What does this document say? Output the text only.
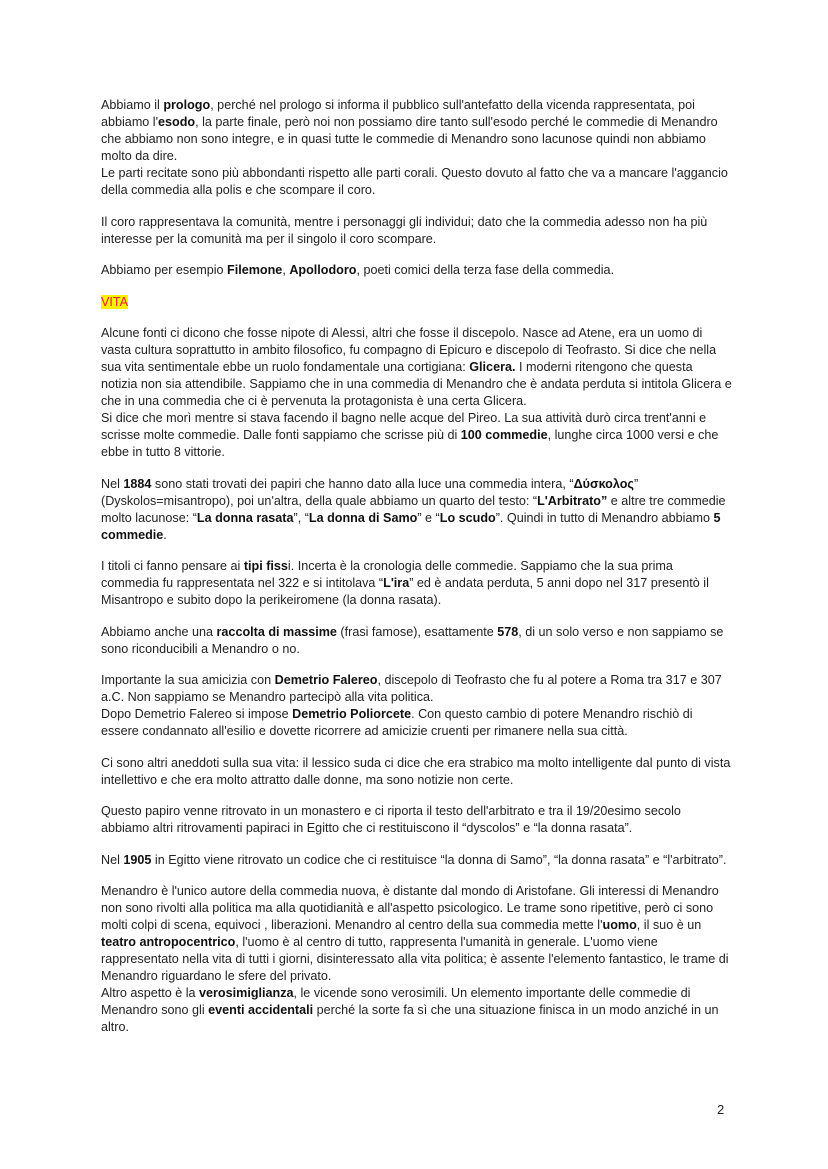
Abbiamo il prologo, perché nel prologo si informa il pubblico sull'antefatto della vicenda rappresentata, poi
abbiamo l'esodo, la parte finale, però noi non possiamo dire tanto sull'esodo perché le commedie di Menandro
che abbiamo non sono integre, e in quasi tutte le commedie di Menandro sono lacunose quindi non abbiamo
molto da dire.
Le parti recitate sono più abbondanti rispetto alle parti corali. Questo dovuto al fatto che va a mancare l'aggancio
della commedia alla polis e che scompare il coro.
Il coro rappresentava la comunità, mentre i personaggi gli individui; dato che la commedia adesso non ha più
interesse per la comunità ma per il singolo il coro scompare.
Abbiamo per esempio Filemone, Apollodoro, poeti comici della terza fase della commedia.
VITA
Alcune fonti ci dicono che fosse nipote di Alessi, altri che fosse il discepolo. Nasce ad Atene, era un uomo di
vasta cultura soprattutto in ambito filosofico, fu compagno di Epicuro e discepolo di Teofrasto. Si dice che nella
sua vita sentimentale ebbe un ruolo fondamentale una cortigiana: Glicera. I moderni ritengono che questa
notizia non sia attendibile. Sappiamo che in una commedia di Menandro che è andata perduta si intitola Glicera e
che in una commedia che ci è pervenuta la protagonista è una certa Glicera.
Si dice che morì mentre si stava facendo il bagno nelle acque del Pireo. La sua attività durò circa trent'anni e
scrisse molte commedie. Dalle fonti sappiamo che scrisse più di 100 commedie, lunghe circa 1000 versi e che
ebbe in tutto 8 vittorie.
Nel 1884 sono stati trovati dei papiri che hanno dato alla luce una commedia intera, “Δύσκολος”
(Dyskolos=misantropo), poi un'altra, della quale abbiamo un quarto del testo: “L'Arbitrato” e altre tre commedie
molto lacunose: “La donna rasata”, “La donna di Samo” e “Lo scudo”. Quindi in tutto di Menandro abbiamo 5
commedie.
I titoli ci fanno pensare ai tipi fissi. Incerta è la cronologia delle commedie. Sappiamo che la sua prima
commedia fu rappresentata nel 322 e si intitolava “L'ira” ed è andata perduta, 5 anni dopo nel 317 presentò il
Misantropo e subito dopo la perikeiromene (la donna rasata).
Abbiamo anche una raccolta di massime (frasi famose), esattamente 578, di un solo verso e non sappiamo se
sono riconducibili a Menandro o no.
Importante la sua amicizia con Demetrio Falereo, discepolo di Teofrasto che fu al potere a Roma tra 317 e 307
a.C. Non sappiamo se Menandro partecipò alla vita politica.
Dopo Demetrio Falereo si impose Demetrio Poliorcete. Con questo cambio di potere Menandro rischiò di
essere condannato all'esilio e dovette ricorrere ad amicizie cruenti per rimanere nella sua città.
Ci sono altri aneddoti sulla sua vita: il lessico suda ci dice che era strabico ma molto intelligente dal punto di vista
intellettivo e che era molto attratto dalle donne, ma sono notizie non certe.
Questo papiro venne ritrovato in un monastero e ci riporta il testo dell'arbitrato e tra il 19/20esimo secolo
abbiamo altri ritrovamenti papiraci in Egitto che ci restituiscono il “dyscolos” e “la donna rasata”.
Nel 1905 in Egitto viene ritrovato un codice che ci restituisce “la donna di Samo”, “la donna rasata” e “l'arbitrato”.
Menandro è l'unico autore della commedia nuova, è distante dal mondo di Aristofane. Gli interessi di Menandro
non sono rivolti alla politica ma alla quotidianità e all'aspetto psicologico. Le trame sono ripetitive, però ci sono
molti colpi di scena, equivoci , liberazioni. Menandro al centro della sua commedia mette l'uomo, il suo è un
teatro antropocentrico, l'uomo è al centro di tutto, rappresenta l'umanità in generale. L'uomo viene
rappresentato nella vita di tutti i giorni, disinteressato alla vita politica; è assente l'elemento fantastico, le trame di
Menandro riguardano le sfere del privato.
Altro aspetto è la verosimiglianza, le vicende sono verosimili. Un elemento importante delle commedie di
Menandro sono gli eventi accidentali perché la sorte fa sì che una situazione finisca in un modo anziché in un
altro.
2
